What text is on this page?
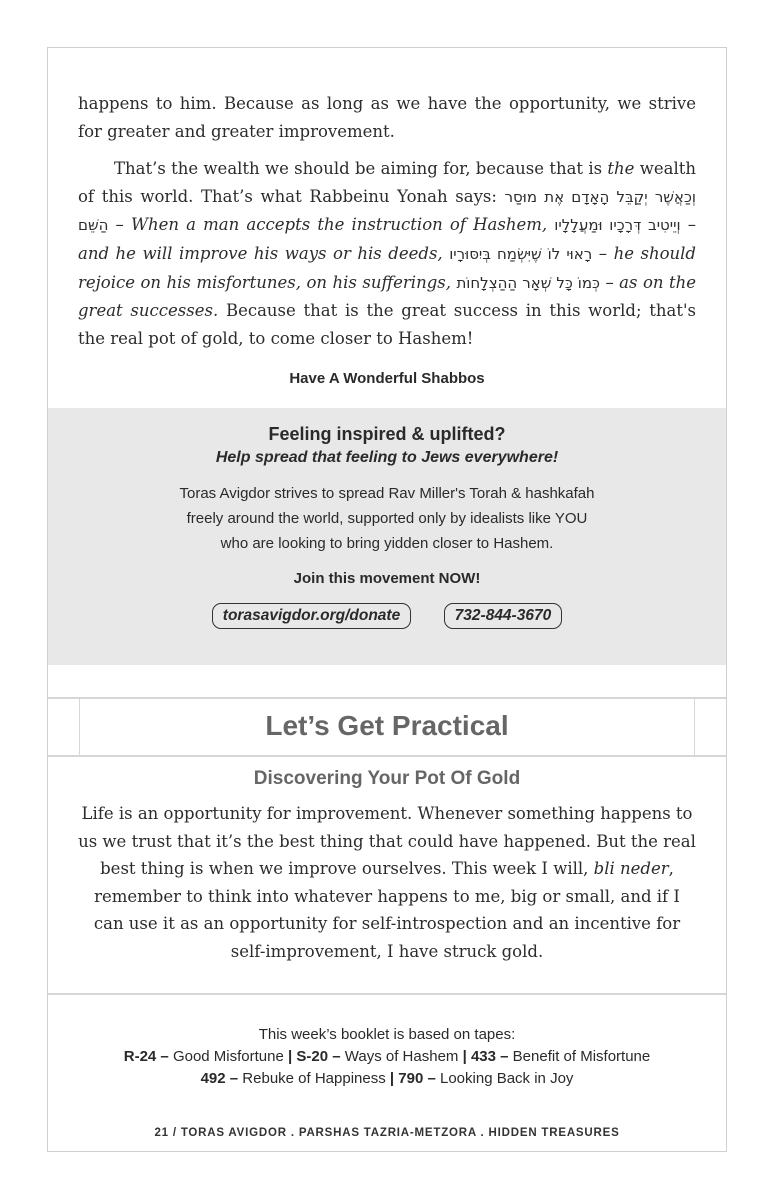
happens to him. Because as long as we have the opportunity, we strive for greater and greater improvement.

That’s the wealth we should be aiming for, because that is the wealth of this world. That’s what Rabbeinu Yonah says: וְכַאֲשֶׁר יְקַבֵּל הָאָדָם אֶת מוּסַר הַשֵּׁם – When a man accepts the instruction of Hashem, וְיֵיטִיב דְּרָכָיו וּמַעֲלָלָיו – and he will improve his ways or his deeds, רָאוּי לוֹ שֶׁיִּשְׂמַח בְּיִסּוּרָיו – he should rejoice on his misfortunes, on his sufferings, כְּמוֹ כָּל שְׁאָר הַהַצְלָחוֹת – as on the great successes. Because that is the great success in this world; that's the real pot of gold, to come closer to Hashem!

Have A Wonderful Shabbos
Feeling inspired & uplifted?
Help spread that feeling to Jews everywhere!
Toras Avigdor strives to spread Rav Miller's Torah & hashkafah
freely around the world, supported only by idealists like YOU
who are looking to bring yidden closer to Hashem.
Join this movement NOW!
torasavigdor.org/donate	732-844-3670
Let’s Get Practical
Discovering Your Pot Of Gold

Life is an opportunity for improvement. Whenever something happens to us we trust that it’s the best thing that could have happened. But the real best thing is when we improve ourselves. This week I will, bli neder, remember to think into whatever happens to me, big or small, and if I can use it as an opportunity for self-introspection and an incentive for self-improvement, I have struck gold.

This week’s booklet is based on tapes:
R-24 – Good Misfortune | S-20 – Ways of Hashem | 433 – Benefit of Misfortune
492 – Rebuke of Happiness | 790 – Looking Back in Joy
21 / TORAS AVIGDOR . PARSHAS TAZRIA-METZORA . HIDDEN TREASURES
